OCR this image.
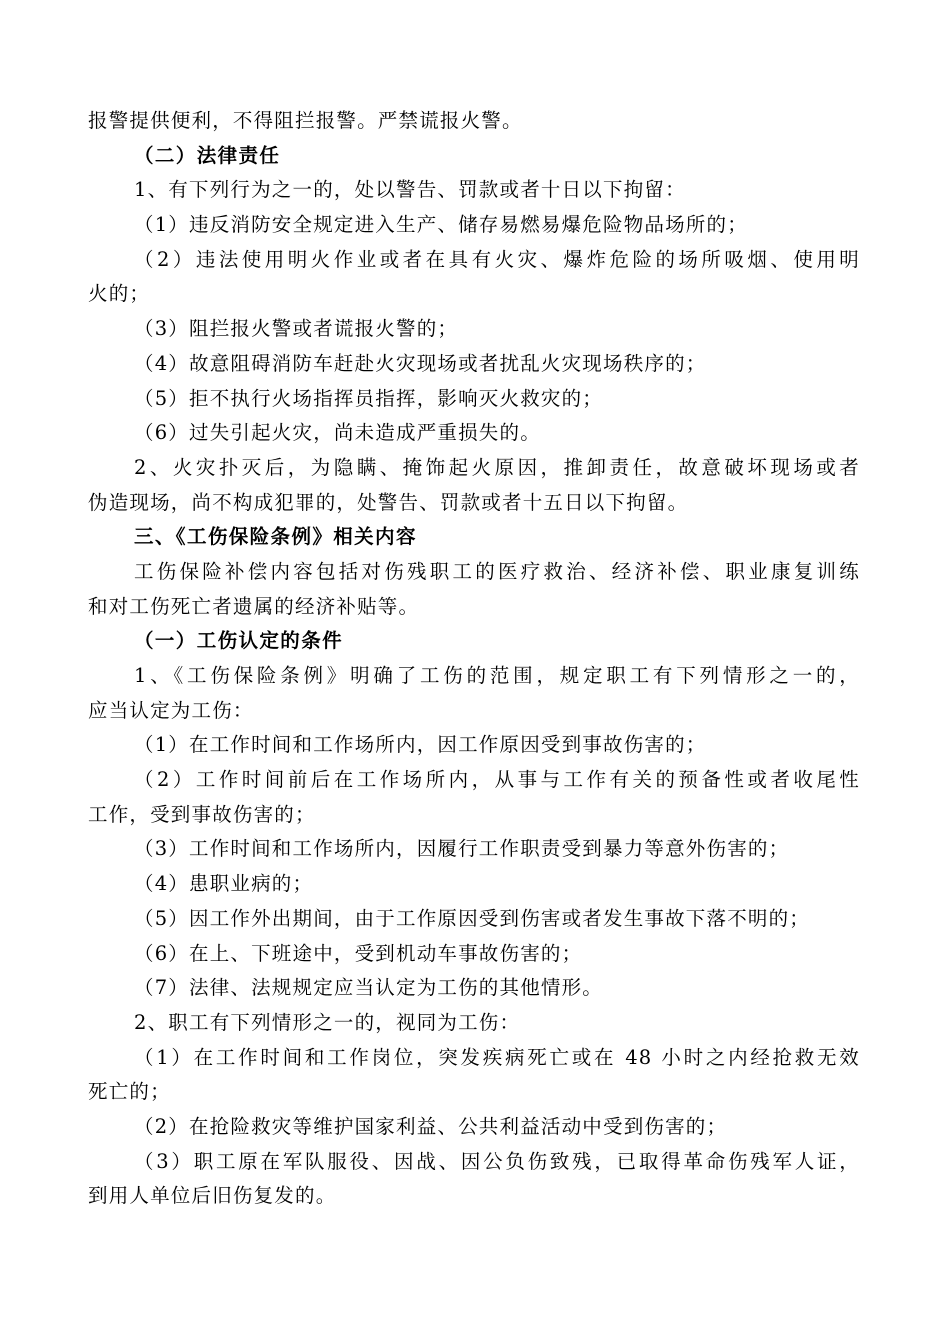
报警提供便利，不得阻拦报警。严禁谎报火警。
（二）法律责任
1、有下列行为之一的，处以警告、罚款或者十日以下拘留：
（1）违反消防安全规定进入生产、储存易燃易爆危险物品场所的；
（2）违法使用明火作业或者在具有火灾、爆炸危险的场所吸烟、使用明
火的；
（3）阻拦报火警或者谎报火警的；
（4）故意阻碍消防车赶赴火灾现场或者扰乱火灾现场秩序的；
（5）拒不执行火场指挥员指挥，影响灭火救灾的；
（6）过失引起火灾，尚未造成严重损失的。
2、火灾扑灭后，为隐瞒、掩饰起火原因，推卸责任，故意破坏现场或者
伪造现场，尚不构成犯罪的，处警告、罚款或者十五日以下拘留。
三、《工伤保险条例》相关内容
工伤保险补偿内容包括对伤残职工的医疗救治、经济补偿、职业康复训练
和对工伤死亡者遗属的经济补贴等。
（一）工伤认定的条件
1、《工伤保险条例》明确了工伤的范围，规定职工有下列情形之一的，
应当认定为工伤：
（1）在工作时间和工作场所内，因工作原因受到事故伤害的；
（2）工作时间前后在工作场所内，从事与工作有关的预备性或者收尾性
工作，受到事故伤害的；
（3）工作时间和工作场所内，因履行工作职责受到暴力等意外伤害的；
（4）患职业病的；
（5）因工作外出期间，由于工作原因受到伤害或者发生事故下落不明的；
（6）在上、下班途中，受到机动车事故伤害的；
（7）法律、法规规定应当认定为工伤的其他情形。
2、职工有下列情形之一的，视同为工伤：
（1）在工作时间和工作岗位，突发疾病死亡或在 48 小时之内经抢救无效
死亡的；
（2）在抢险救灾等维护国家利益、公共利益活动中受到伤害的；
（3）职工原在军队服役、因战、因公负伤致残，已取得革命伤残军人证，
到用人单位后旧伤复发的。
